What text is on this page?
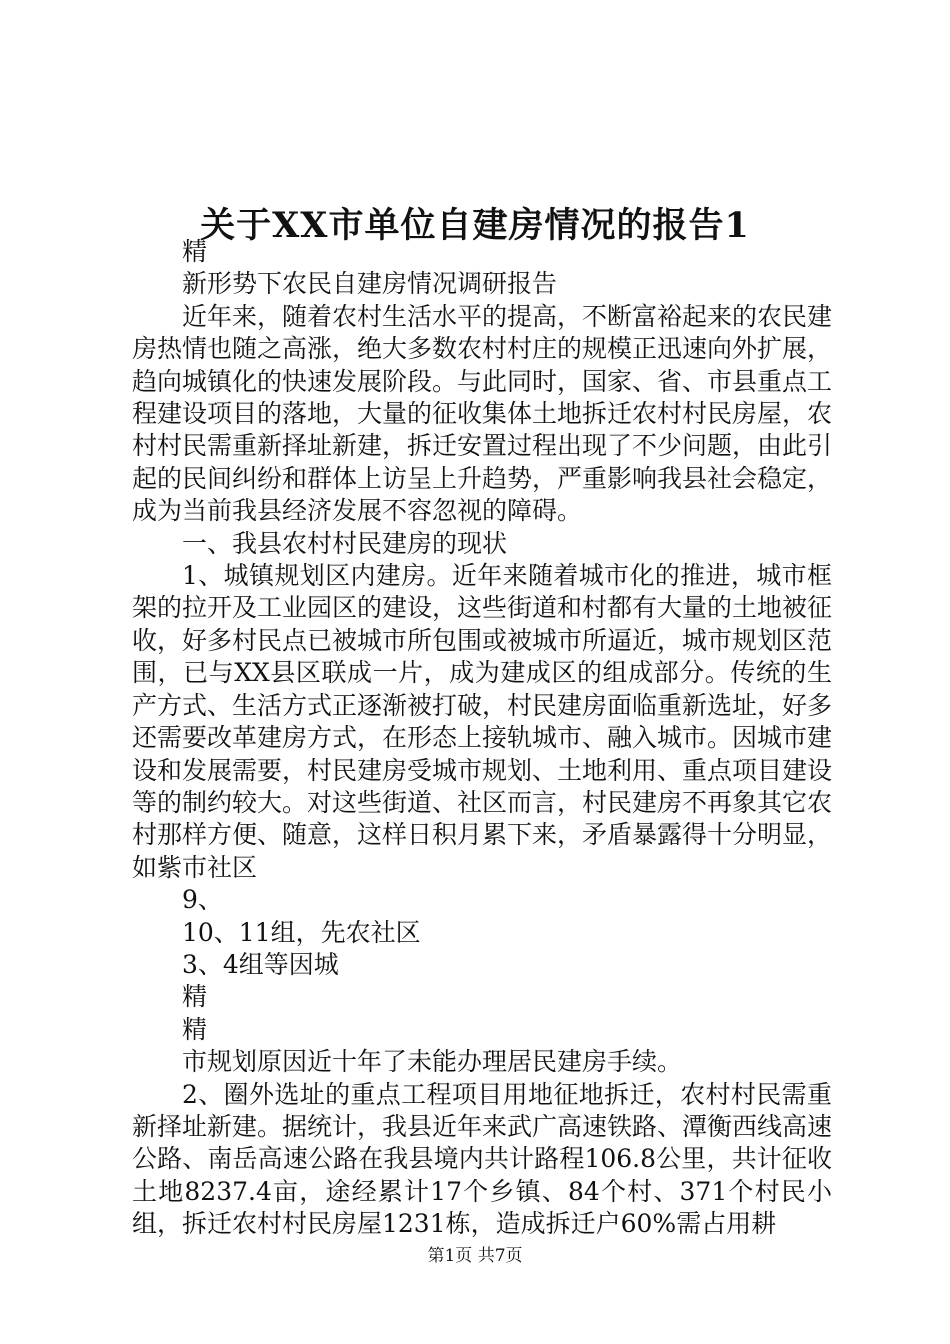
关于XX市单位自建房情况的报告1

精

新形势下农民自建房情况调研报告

近年来，随着农村生活水平的提高，不断富裕起来的农民建房热情也随之高涨，绝大多数农村村庄的规模正迅速向外扩展，趋向城镇化的快速发展阶段。与此同时，国家、省、市县重点工程建设项目的落地，大量的征收集体土地拆迁农村村民房屋，农村村民需重新择址新建，拆迁安置过程出现了不少问题，由此引起的民间纠纷和群体上访呈上升趋势，严重影响我县社会稳定，成为当前我县经济发展不容忽视的障碍。

一、我县农村村民建房的现状

1、城镇规划区内建房。近年来随着城市化的推进，城市框架的拉开及工业园区的建设，这些街道和村都有大量的土地被征收，好多村民点已被城市所包围或被城市所逼近，城市规划区范围，已与XX县区联成一片，成为建成区的组成部分。传统的生产方式、生活方式正逐渐被打破，村民建房面临重新选址，好多还需要改革建房方式，在形态上接轨城市、融入城市。因城市建设和发展需要，村民建房受城市规划、土地利用、重点项目建设等的制约较大。对这些街道、社区而言，村民建房不再象其它农村那样方便、随意，这样日积月累下来，矛盾暴露得十分明显，如紫巿社区

9、

10、11组，先农社区

3、4组等因城

精

精

市规划原因近十年了未能办理居民建房手续。

2、圈外选址的重点工程项目用地征地拆迁，农村村民需重新择址新建。据统计，我县近年来武广高速铁路、潭衡西线高速公路、南岳高速公路在我县境内共计路程106.8公里，共计征收土地8237.4亩，途经累计17个乡镇、84个村、371个村民小组，拆迁农村村民房屋1231栋，造成拆迁户60%需占用耕

第1页 共7页
